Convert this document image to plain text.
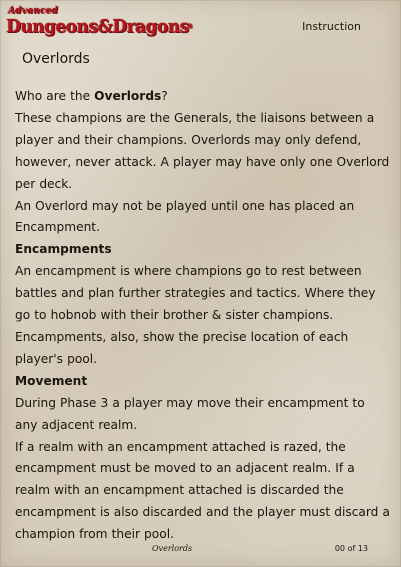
Advanced
Dungeons&Dragons
®	Instruction
Overlords

Who are the Overlords?

These champions are the Generals, the liaisons between a player and their champions. Overlords may only defend, however, never attack. A player may have only one Overlord per deck.

An Overlord may not be played until one has placed an Encampment.

Encampments

An encampment is where champions go to rest between battles and plan further strategies and tactics. Where they go to hobnob with their brother & sister champions.

Encampments, also, show the precise location of each player's pool.

Movement

During Phase 3 a player may move their encampment to any adjacent realm.

If a realm with an encampment attached is razed, the encampment must be moved to an adjacent realm. If a realm with an encampment attached is discarded the encampment is also discarded and the player must discard a champion from their pool.

Overlords	00 of 13
